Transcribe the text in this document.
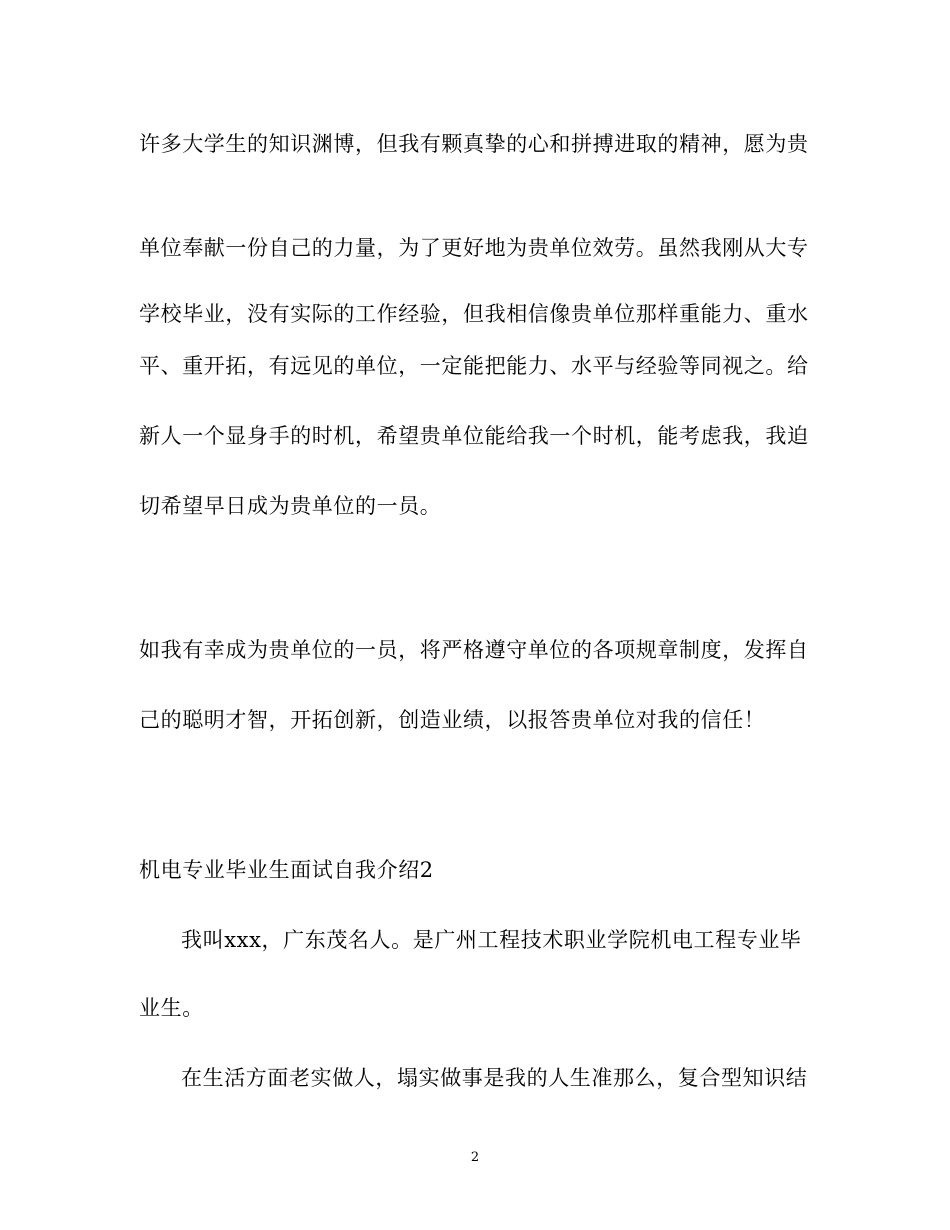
许多大学生的知识渊博，但我有颗真挚的心和拼搏进取的精神，愿为贵
单位奉献一份自己的力量，为了更好地为贵单位效劳。虽然我刚从大专
学校毕业，没有实际的工作经验，但我相信像贵单位那样重能力、重水
平、重开拓，有远见的单位，一定能把能力、水平与经验等同视之。给
新人一个显身手的时机，希望贵单位能给我一个时机，能考虑我，我迫
切希望早日成为贵单位的一员。
如我有幸成为贵单位的一员，将严格遵守单位的各项规章制度，发挥自
己的聪明才智，开拓创新，创造业绩，以报答贵单位对我的信任！
机电专业毕业生面试自我介绍2
我叫xxx，广东茂名人。是广州工程技术职业学院机电工程专业毕
业生。
在生活方面老实做人，塌实做事是我的人生准那么，复合型知识结
2
